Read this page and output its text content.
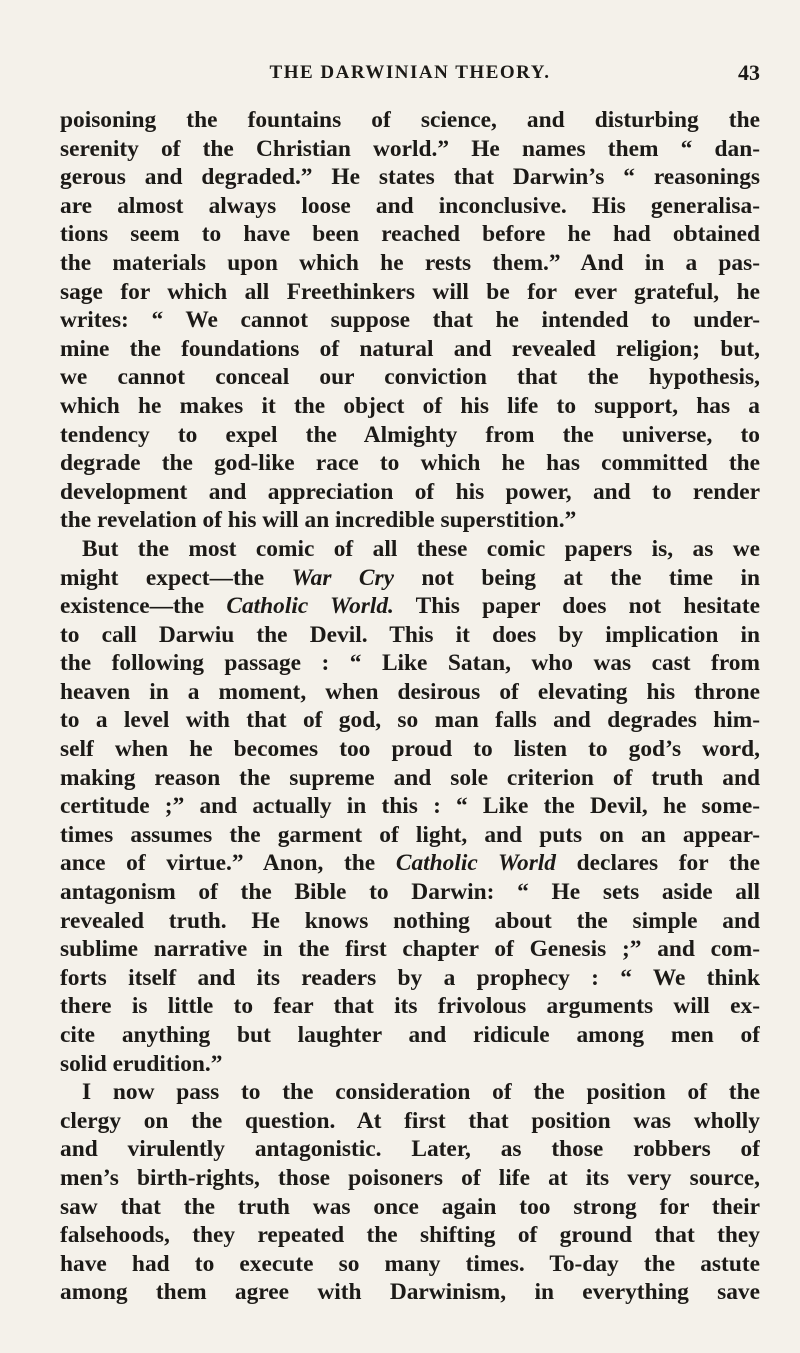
THE DARWINIAN THEORY.	43
poisoning the fountains of science, and disturbing the
serenity of the Christian world.” He names them “ dan-
gerous and degraded.” He states that Darwin’s “ reasonings
are almost always loose and inconclusive. His generalisa-
tions seem to have been reached before he had obtained
the materials upon which he rests them.” And in a pas-
sage for which all Freethinkers will be for ever grateful, he
writes: “ We cannot suppose that he intended to under-
mine the foundations of natural and revealed religion; but,
we cannot conceal our conviction that the hypothesis,
which he makes it the object of his life to support, has a
tendency to expel the Almighty from the universe, to
degrade the god-like race to which he has committed the
development and appreciation of his power, and to render
the revelation of his will an incredible superstition.”
But the most comic of all these comic papers is, as we
might expect—the War Cry not being at the time in
existence—the Catholic World. This paper does not hesitate
to call Darwiu the Devil. This it does by implication in
the following passage : “ Like Satan, who was cast from
heaven in a moment, when desirous of elevating his throne
to a level with that of god, so man falls and degrades him-
self when he becomes too proud to listen to god’s word,
making reason the supreme and sole criterion of truth and
certitude ;” and actually in this : “ Like the Devil, he some-
times assumes the garment of light, and puts on an appear-
ance of virtue.” Anon, the Catholic World declares for the
antagonism of the Bible to Darwin: “ He sets aside all
revealed truth. He knows nothing about the simple and
sublime narrative in the first chapter of Genesis ;” and com-
forts itself and its readers by a prophecy : “ We think
there is little to fear that its frivolous arguments will ex-
cite anything but laughter and ridicule among men of
solid erudition.”
I now pass to the consideration of the position of the
clergy on the question. At first that position was wholly
and virulently antagonistic. Later, as those robbers of
men’s birth-rights, those poisoners of life at its very source,
saw that the truth was once again too strong for their
falsehoods, they repeated the shifting of ground that they
have had to execute so many times. To-day the astute
among them agree with Darwinism, in everything save
